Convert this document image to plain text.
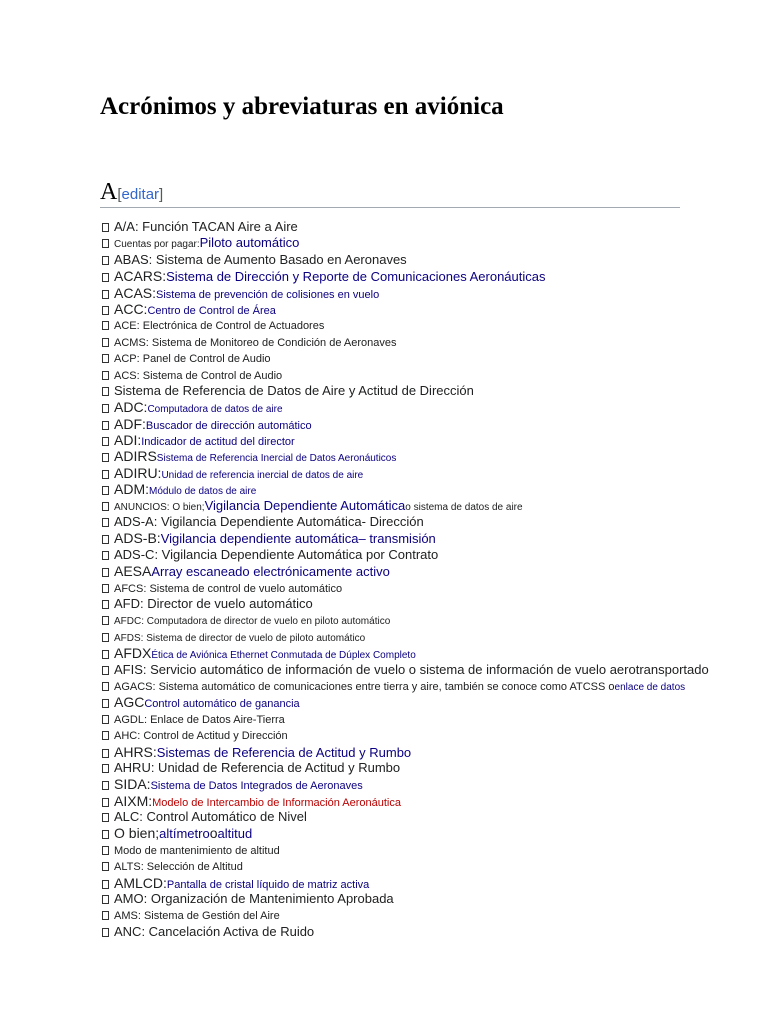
Acrónimos y abreviaturas en aviónica
A[editar]
A/A: Función TACAN Aire a Aire
Cuentas por pagar:Piloto automático
ABAS: Sistema de Aumento Basado en Aeronaves
ACARS:Sistema de Dirección y Reporte de Comunicaciones Aeronáuticas
ACAS:Sistema de prevención de colisiones en vuelo
ACC:Centro de Control de Área
ACE: Electrónica de Control de Actuadores
ACMS: Sistema de Monitoreo de Condición de Aeronaves
ACP: Panel de Control de Audio
ACS: Sistema de Control de Audio
Sistema de Referencia de Datos de Aire y Actitud de Dirección
ADC:Computadora de datos de aire
ADF:Buscador de dirección automático
ADI:Indicador de actitud del director
ADIRSSistema de Referencia Inercial de Datos Aeronáuticos
ADIRU:Unidad de referencia inercial de datos de aire
ADM:Módulo de datos de aire
ANUNCIOS: O bien;Vigilancia Dependiente Automáticao sistema de datos de aire
ADS-A: Vigilancia Dependiente Automática- Dirección
ADS-B:Vigilancia dependiente automática– transmisión
ADS-C: Vigilancia Dependiente Automática por Contrato
AESAArray escaneado electrónicamente activo
AFCS: Sistema de control de vuelo automático
AFD: Director de vuelo automático
AFDC: Computadora de director de vuelo en piloto automático
AFDS: Sistema de director de vuelo de piloto automático
AFDXÉtica de Aviónica Ethernet Conmutada de Dúplex Completo
AFIS: Servicio automático de información de vuelo o sistema de información de vuelo aerotransportado
AGACS: Sistema automático de comunicaciones entre tierra y aire, también se conoce como ATCSS oenlace de datos
AGCControl automático de ganancia
AGDL: Enlace de Datos Aire-Tierra
AHC: Control de Actitud y Dirección
AHRS:Sistemas de Referencia de Actitud y Rumbo
AHRU: Unidad de Referencia de Actitud y Rumbo
SIDA:Sistema de Datos Integrados de Aeronaves
AIXM:Modelo de Intercambio de Información Aeronáutica
ALC: Control Automático de Nivel
O bien;altímetrooaltitud
Modo de mantenimiento de altitud
ALTS: Selección de Altitud
AMLCD:Pantalla de cristal líquido de matriz activa
AMO: Organización de Mantenimiento Aprobada
AMS: Sistema de Gestión del Aire
ANC: Cancelación Activa de Ruido
